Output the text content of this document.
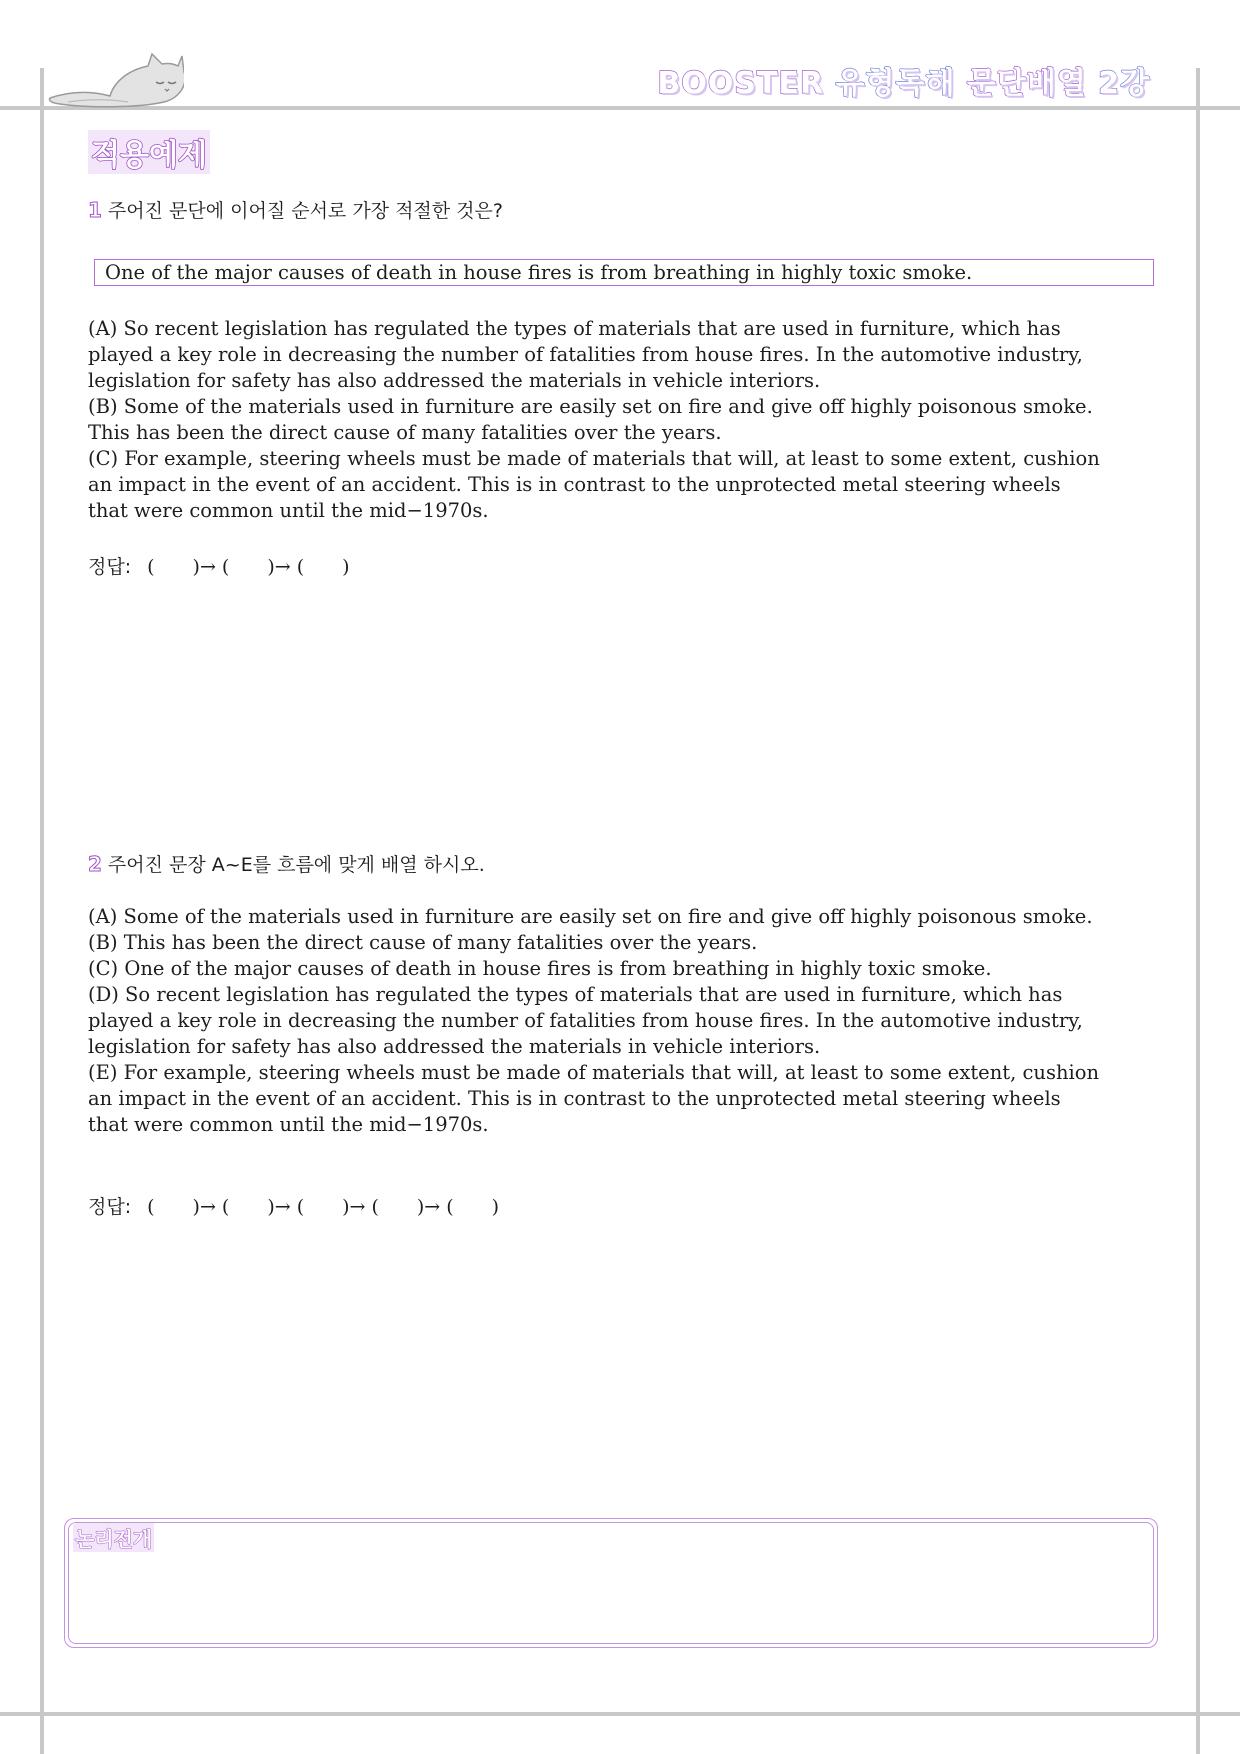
BOOSTER 유형독해 문단배열 2강
적용예제
1 주어진 문단에 이어질 순서로 가장 적절한 것은?
One of the major causes of death in house fires is from breathing in highly toxic smoke.

(A) So recent legislation has regulated the types of materials that are used in furniture, which has

played a key role in decreasing the number of fatalities from house fires. In the automotive industry,

legislation for safety has also addressed the materials in vehicle interiors.

(B) Some of the materials used in furniture are easily set on fire and give off highly poisonous smoke.

This has been the direct cause of many fatalities over the years.

(C) For example, steering wheels must be made of materials that will, at least to some extent, cushion

an impact in the event of an accident. This is in contrast to the unprotected metal steering wheels

that were common until the mid−1970s.

정답: (　　)→ (　　)→ (　　)
2 주어진 문장 A~E를 흐름에 맞게 배열 하시오.

(A) Some of the materials used in furniture are easily set on fire and give off highly poisonous smoke.

(B) This has been the direct cause of many fatalities over the years.

(C) One of the major causes of death in house fires is from breathing in highly toxic smoke.

(D) So recent legislation has regulated the types of materials that are used in furniture, which has

played a key role in decreasing the number of fatalities from house fires. In the automotive industry,

legislation for safety has also addressed the materials in vehicle interiors.

(E) For example, steering wheels must be made of materials that will, at least to some extent, cushion

an impact in the event of an accident. This is in contrast to the unprotected metal steering wheels

that were common until the mid−1970s.

정답: (　　)→ (　　)→ (　　)→ (　　)→ (　　)
논리전개
